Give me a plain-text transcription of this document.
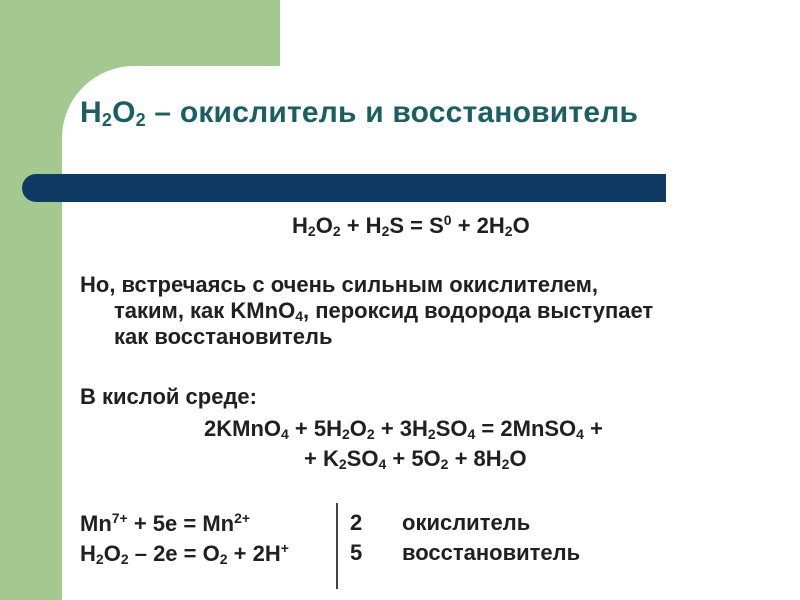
$H_2O_2$ – окислитель и восстановитель
$H_2O_2 + H_2S = S^0 + 2H_2O$
Но, встречаясь с очень сильным окислителем,
таким, как KMnO$_4$, пероксид водорода выступает
как восстановитель
В кислой среде:
2KMnO$_4$ + $5H_2O_2 + 3H_2SO_4$ = 2MnSO$_4$ +
+ $K_2SO_4 + 5O_2 + 8H_2O$
$Mn^{7+} + 5e = Mn^{2+}$
$H_2O_2 - 2e = O_2 + 2H^+$
2
5
окислитель
восстановитель
